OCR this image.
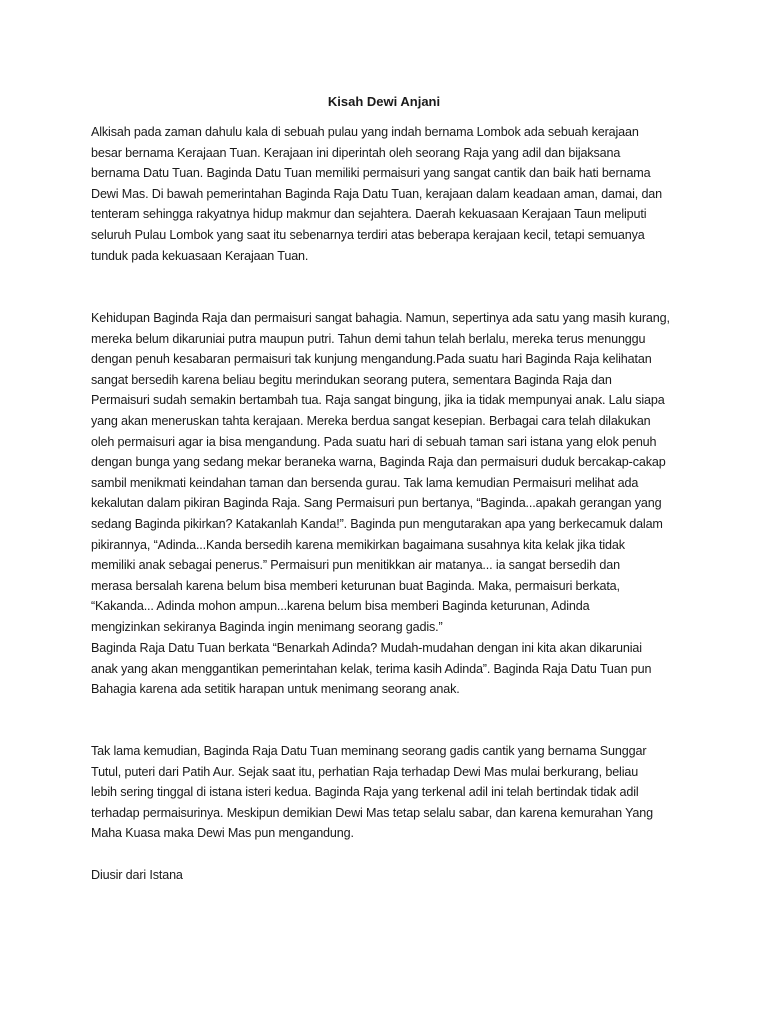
Kisah Dewi Anjani

Alkisah pada zaman dahulu kala di sebuah pulau yang indah bernama Lombok ada sebuah kerajaan
besar bernama Kerajaan Tuan. Kerajaan ini diperintah oleh seorang Raja yang adil dan bijaksana
bernama Datu Tuan. Baginda Datu Tuan memiliki permaisuri yang sangat cantik dan baik hati bernama
Dewi Mas. Di bawah pemerintahan Baginda Raja Datu Tuan, kerajaan dalam keadaan aman, damai, dan
tenteram sehingga rakyatnya hidup makmur dan sejahtera. Daerah kekuasaan Kerajaan Taun meliputi
seluruh Pulau Lombok yang saat itu sebenarnya terdiri atas beberapa kerajaan kecil, tetapi semuanya
tunduk pada kekuasaan Kerajaan Tuan.

Kehidupan Baginda Raja dan permaisuri sangat bahagia. Namun, sepertinya ada satu yang masih kurang,
mereka belum dikaruniai putra maupun putri. Tahun demi tahun telah berlalu, mereka terus menunggu
dengan penuh kesabaran permaisuri tak kunjung mengandung.Pada suatu hari Baginda Raja kelihatan
sangat bersedih karena beliau begitu merindukan seorang putera, sementara Baginda Raja dan
Permaisuri sudah semakin bertambah tua. Raja sangat bingung, jika ia tidak mempunyai anak. Lalu siapa
yang akan meneruskan tahta kerajaan. Mereka berdua sangat kesepian. Berbagai cara telah dilakukan
oleh permaisuri agar ia bisa mengandung. Pada suatu hari di sebuah taman sari istana yang elok penuh
dengan bunga yang sedang mekar beraneka warna, Baginda Raja dan permaisuri duduk bercakap-cakap
sambil menikmati keindahan taman dan bersenda gurau. Tak lama kemudian Permaisuri melihat ada
kekalutan dalam pikiran Baginda Raja. Sang Permaisuri pun bertanya, “Baginda...apakah gerangan yang
sedang Baginda pikirkan? Katakanlah Kanda!”. Baginda pun mengutarakan apa yang berkecamuk dalam
pikirannya, “Adinda...Kanda bersedih karena memikirkan bagaimana susahnya kita kelak jika tidak
memiliki anak sebagai penerus.” Permaisuri pun menitikkan air matanya... ia sangat bersedih dan
merasa bersalah karena belum bisa memberi keturunan buat Baginda. Maka, permaisuri berkata,
“Kakanda... Adinda mohon ampun...karena belum bisa memberi Baginda keturunan, Adinda
mengizinkan sekiranya Baginda ingin menimang seorang gadis.”

Baginda Raja Datu Tuan berkata “Benarkah Adinda? Mudah-mudahan dengan ini kita akan dikaruniai
anak yang akan menggantikan pemerintahan kelak, terima kasih Adinda”. Baginda Raja Datu Tuan pun
Bahagia karena ada setitik harapan untuk menimang seorang anak.

Tak lama kemudian, Baginda Raja Datu Tuan meminang seorang gadis cantik yang bernama Sunggar
Tutul, puteri dari Patih Aur. Sejak saat itu, perhatian Raja terhadap Dewi Mas mulai berkurang, beliau
lebih sering tinggal di istana isteri kedua. Baginda Raja yang terkenal adil ini telah bertindak tidak adil
terhadap permaisurinya. Meskipun demikian Dewi Mas tetap selalu sabar, dan karena kemurahan Yang
Maha Kuasa maka Dewi Mas pun mengandung.

Diusir dari Istana
